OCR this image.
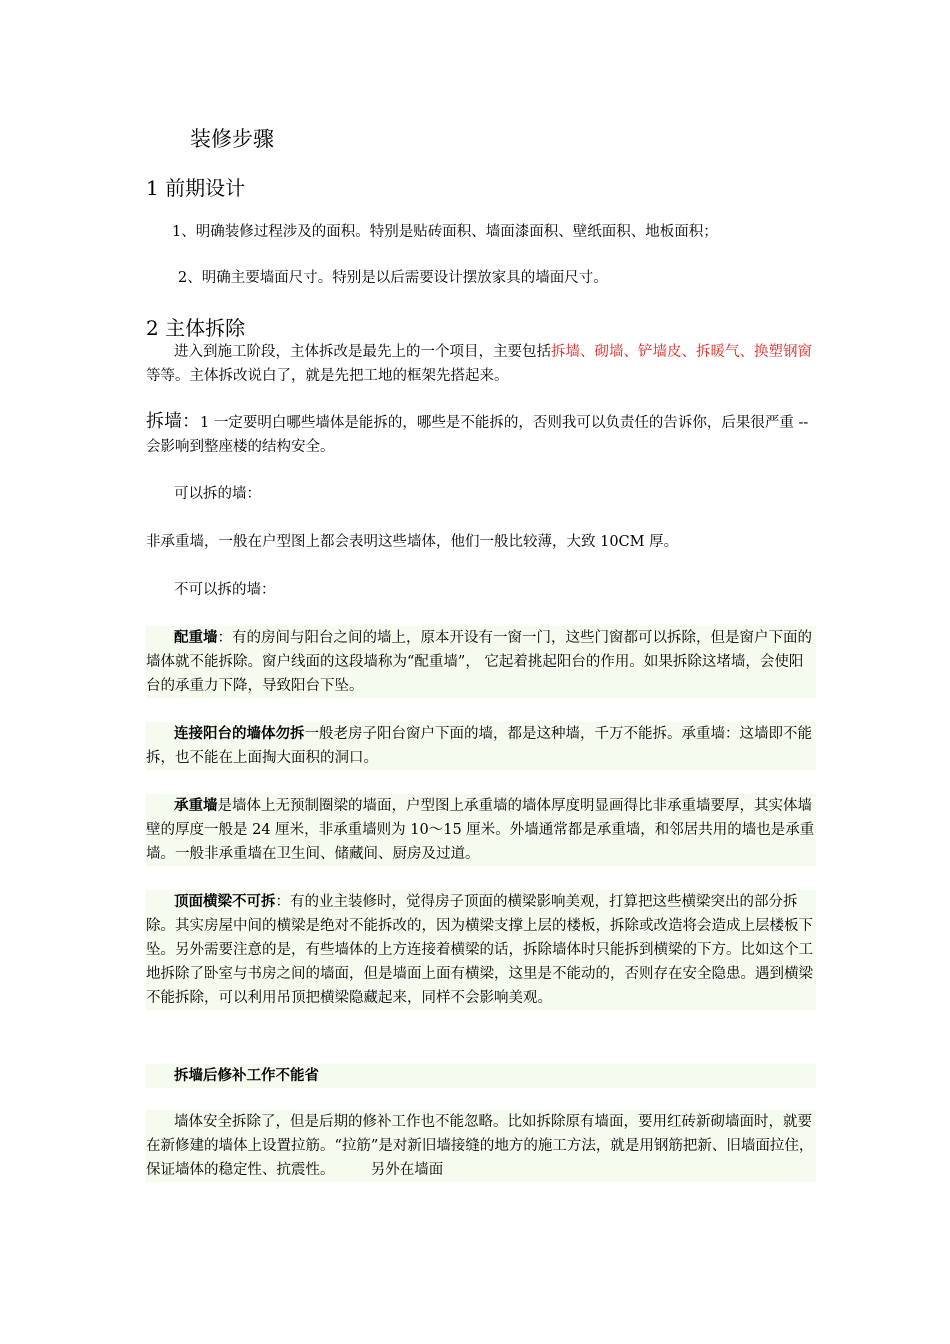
装修步骤
1 前期设计
1、明确装修过程涉及的面积。特别是贴砖面积、墙面漆面积、壁纸面积、地板面积；
2、明确主要墙面尺寸。特别是以后需要设计摆放家具的墙面尺寸。
2 主体拆除
进入到施工阶段，主体拆改是最先上的一个项目，主要包括拆墙、砌墙、铲墙皮、拆暖气、换塑钢窗等等。主体拆改说白了，就是先把工地的框架先搭起来。
拆墙：1 一定要明白哪些墙体是能拆的，哪些是不能拆的，否则我可以负责任的告诉你，后果很严重 --会影响到整座楼的结构安全。
可以拆的墙：
非承重墙，一般在户型图上都会表明这些墙体，他们一般比较薄，大致 10CM 厚。
不可以拆的墙：
配重墙：有的房间与阳台之间的墙上，原本开设有一窗一门，这些门窗都可以拆除，但是窗户下面的墙体就不能拆除。窗户线面的这段墙称为“配重墙”， 它起着挑起阳台的作用。如果拆除这堵墙，会使阳台的承重力下降，导致阳台下坠。
连接阳台的墙体勿拆一般老房子阳台窗户下面的墙，都是这种墙，千万不能拆。承重墙：这墙即不能拆，也不能在上面掏大面积的洞口。
承重墙是墙体上无预制圈梁的墙面，户型图上承重墙的墙体厚度明显画得比非承重墙要厚，其实体墙壁的厚度一般是 24 厘米，非承重墙则为 10～15 厘米。外墙通常都是承重墙，和邻居共用的墙也是承重墙。一般非承重墙在卫生间、储藏间、厨房及过道。
顶面横梁不可拆：有的业主装修时，觉得房子顶面的横梁影响美观，打算把这些横梁突出的部分拆除。其实房屋中间的横梁是绝对不能拆改的，因为横梁支撑上层的楼板，拆除或改造将会造成上层楼板下坠。另外需要注意的是，有些墙体的上方连接着横梁的话，拆除墙体时只能拆到横梁的下方。比如这个工地拆除了卧室与书房之间的墙面，但是墙面上面有横梁，这里是不能动的，否则存在安全隐患。遇到横梁不能拆除，可以利用吊顶把横梁隐藏起来，同样不会影响美观。
拆墙后修补工作不能省
墙体安全拆除了，但是后期的修补工作也不能忽略。比如拆除原有墙面，要用红砖新砌墙面时，就要在新修建的墙体上设置拉筋。“拉筋”是对新旧墙接缝的地方的施工方法，就是用钢筋把新、旧墙面拉住，保证墙体的稳定性、抗震性。　　　另外在墙面
